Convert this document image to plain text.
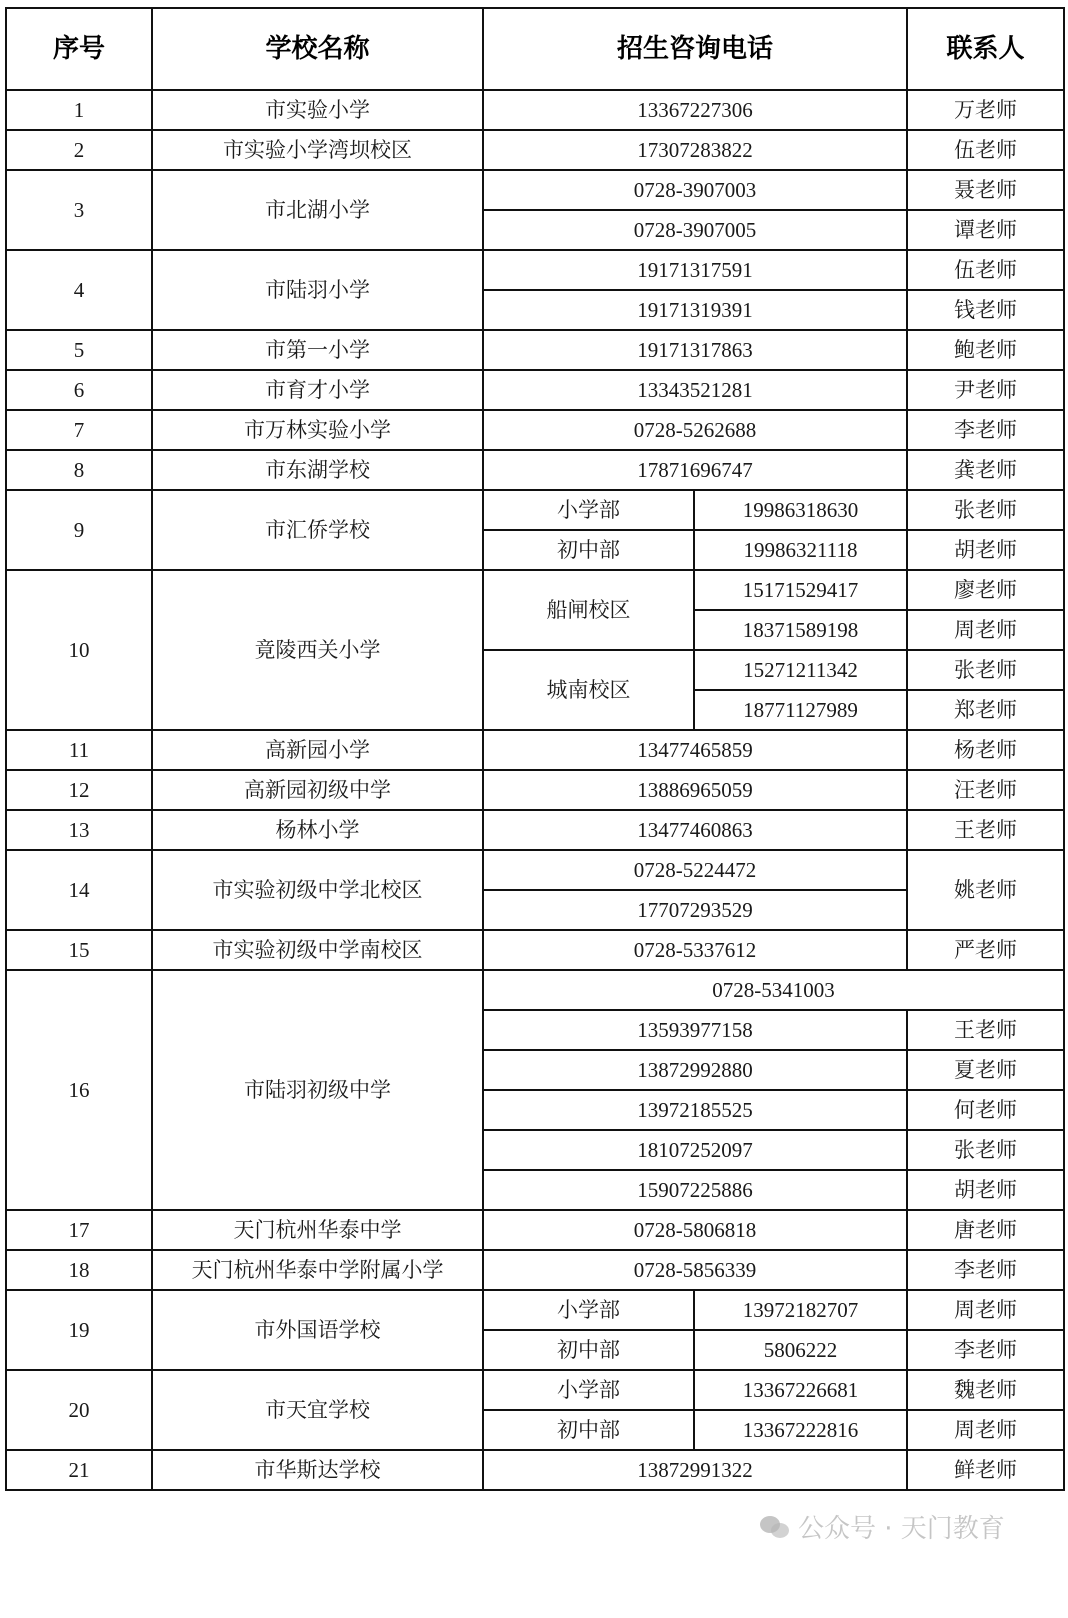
序号	学校名称	招生咨询电话		联系人
1	市实验小学	13367227306		万老师
2	市实验小学湾坝校区	17307283822		伍老师
3	市北湖小学	0728-3907003		聂老师
		0728-3907005		谭老师
4	市陆羽小学	19171317591		伍老师
		19171319391		钱老师
5	市第一小学	19171317863		鲍老师
6	市育才小学	13343521281		尹老师
7	市万林实验小学	0728-5262688		李老师
8	市东湖学校	17871696747		龚老师
9	市汇侨学校	小学部	19986318630	张老师
		初中部	19986321118	胡老师
10	竟陵西关小学	船闸校区	15171529417	廖老师
			18371589198	周老师
		城南校区	15271211342	张老师
			18771127989	郑老师
11	高新园小学	13477465859		杨老师
12	高新园初级中学	13886965059		汪老师
13	杨林小学	13477460863		王老师
14	市实验初级中学北校区	0728-5224472		姚老师
		17707293529		
15	市实验初级中学南校区	0728-5337612		严老师
16	市陆羽初级中学	0728-5341003		
		13593977158		王老师
		13872992880		夏老师
		13972185525		何老师
		18107252097		张老师
		15907225886		胡老师
17	天门杭州华泰中学	0728-5806818		唐老师
18	天门杭州华泰中学附属小学	0728-5856339		李老师
19	市外国语学校	小学部	13972182707	周老师
		初中部	5806222	李老师
20	市天宜学校	小学部	13367226681	魏老师
		初中部	13367222816	周老师
21	市华斯达学校	13872991322		鲜老师
公众号 · 天门教育
